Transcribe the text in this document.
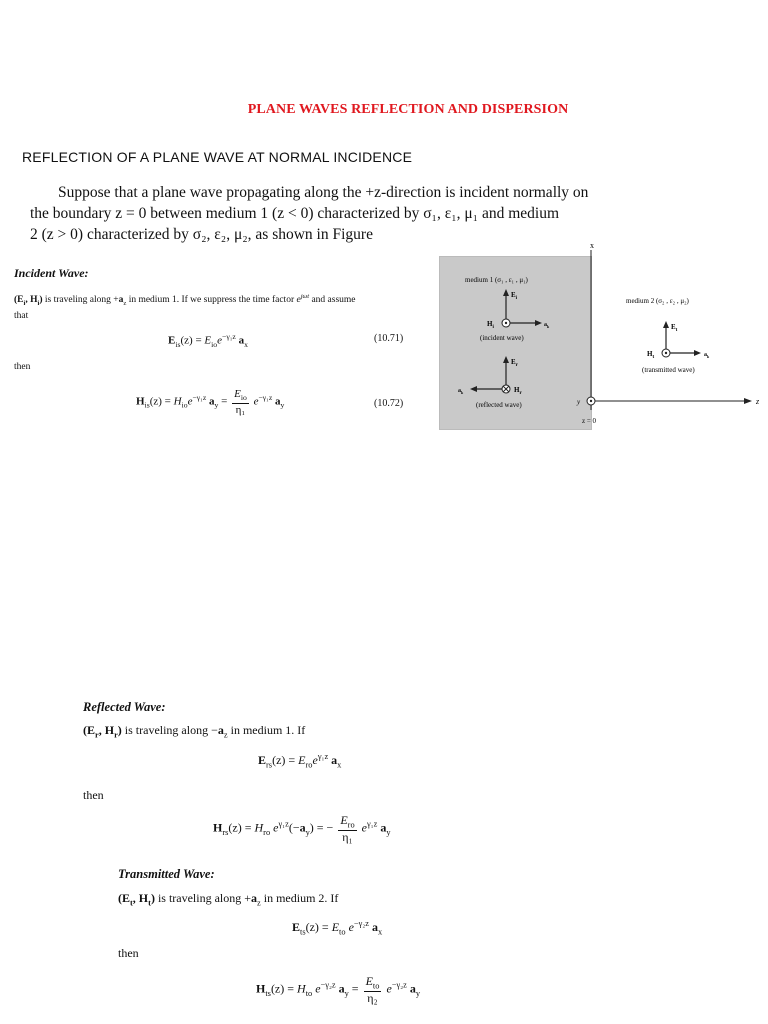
PLANE WAVES REFLECTION AND DISPERSION
REFLECTION OF A PLANE WAVE AT NORMAL INCIDENCE
Suppose that a plane wave propagating along the +z-direction is incident normally on
the boundary z = 0 between medium 1 (z < 0) characterized by σ₁, ε₁, μ₁ and medium
2 (z > 0) characterized by σ₂, ε₂, μ₂, as shown in Figure
Incident Wave:
($E_i$, $H_i$) is traveling along $+a_z$ in medium 1. If we suppress the time factor $e^{j\omega t}$ and assume
that
$E_{is}(z) = E_{io}e^{-\gamma_1z}$ $a_x$
(10.71)
then
$H_{is}(z) = H_{io}e^{-\gamma_1z}$ $a_y = \frac{E_{io}}{\text{η₁}} e^{-\gamma_1z}$ $a_y$	(10.72)
x
z
y
z = 0
medium 1 (σ₁ , ε₁ , μ₁)
$E_i$
$H_i$	$a_k$
(incident wave)
$E_r$
$a_k$	$H_r$
(reflected wave)
medium 2 (σ₂ , ε₂ , μ₂)
$E_t$
$H_t$	$a_k$
(transmitted wave)
Reflected Wave:
($E_r$, $H_r$) is traveling along $-a_z$ in medium 1. If
$E_{rs}(z) = E_{ro}e^{\gamma_1z}$ $a_x$
then
$H_{rs}(z) = H_{ro}$ $e^{\gamma_1z}(-a_y)$ = − $\frac{E_{ro}}{\text{η₁}} e^{\gamma_1z}$ $a_y$
Transmitted Wave:
($E_t$, $H_t$) is traveling along $+a_z$ in medium 2. If
$E_{ts}(z) = E_{to}$ $e^{-\gamma_2z}$ $a_x$
then
$H_{ts}(z) = H_{to}$ $e^{-\gamma_2z}$ $a_y = \frac{E_{to}}{\text{η₂}} e^{-\gamma_2z}$ $a_y$
